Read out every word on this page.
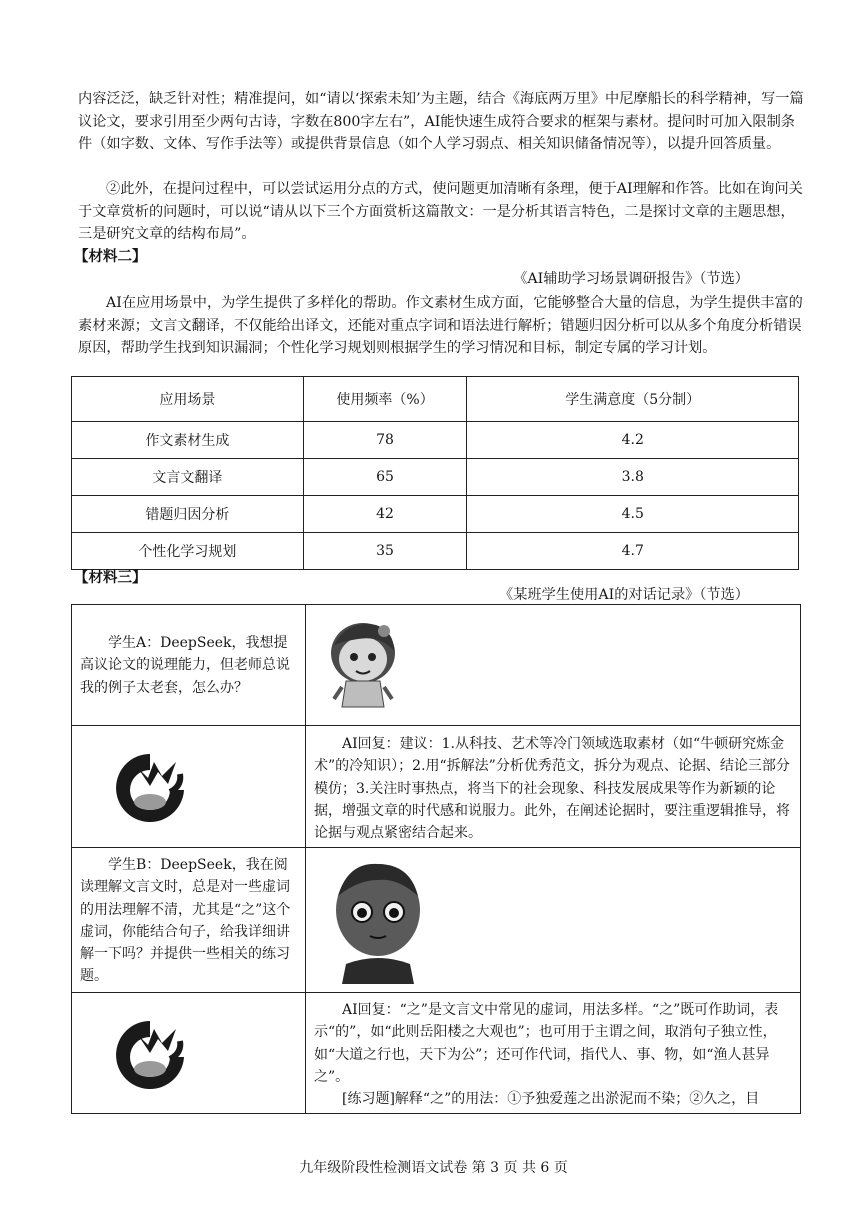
内容泛泛，缺乏针对性；精准提问，如“请以‘探索未知’为主题，结合《海底两万里》中尼摩船长的科学精神，写一篇议论文，要求引用至少两句古诗，字数在800字左右”，AI能快速生成符合要求的框架与素材。提问时可加入限制条件（如字数、文体、写作手法等）或提供背景信息（如个人学习弱点、相关知识储备情况等），以提升回答质量。

②此外，在提问过程中，可以尝试运用分点的方式，使问题更加清晰有条理，便于AI理解和作答。比如在询问关于文章赏析的问题时，可以说“请从以下三个方面赏析这篇散文：一是分析其语言特色，二是探讨文章的主题思想，三是研究文章的结构布局”。

【材料二】
《AI辅助学习场景调研报告》（节选）

AI在应用场景中，为学生提供了多样化的帮助。作文素材生成方面，它能够整合大量的信息，为学生提供丰富的素材来源；文言文翻译，不仅能给出译文，还能对重点字词和语法进行解析；错题归因分析可以从多个角度分析错误原因，帮助学生找到知识漏洞；个性化学习规划则根据学生的学习情况和目标，制定专属的学习计划。

应用场景	使用频率（%）	学生满意度（5分制）
作文素材生成	78	4.2
文言文翻译	65	3.8
错题归因分析	42	4.5
个性化学习规划	35	4.7
【材料三】
《某班学生使用AI的对话记录》（节选）
学生A：DeepSeek，我想提高议论文的说理能力，但老师总说我的例子太老套，怎么办？
AI回复：建议：1.从科技、艺术等冷门领域选取素材（如“牛顿研究炼金术”的冷知识）；2.用“拆解法”分析优秀范文，拆分为观点、论据、结论三部分模仿；3.关注时事热点，将当下的社会现象、科技发展成果等作为新颖的论据，增强文章的时代感和说服力。此外，在阐述论据时，要注重逻辑推导，将论据与观点紧密结合起来。
学生B：DeepSeek，我在阅读理解文言文时，总是对一些虚词的用法理解不清，尤其是“之”这个虚词，你能结合句子，给我详细讲解一下吗？并提供一些相关的练习题。
AI回复：“之”是文言文中常见的虚词，用法多样。“之”既可作助词，表示“的”，如“此则岳阳楼之大观也”；也可用于主谓之间，取消句子独立性，如“大道之行也，天下为公”；还可作代词，指代人、事、物，如“渔人甚异之”。
[练习题]解释“之”的用法：①予独爱莲之出淤泥而不染；②久之，目
九年级阶段性检测语文试卷 第 3 页 共 6 页
